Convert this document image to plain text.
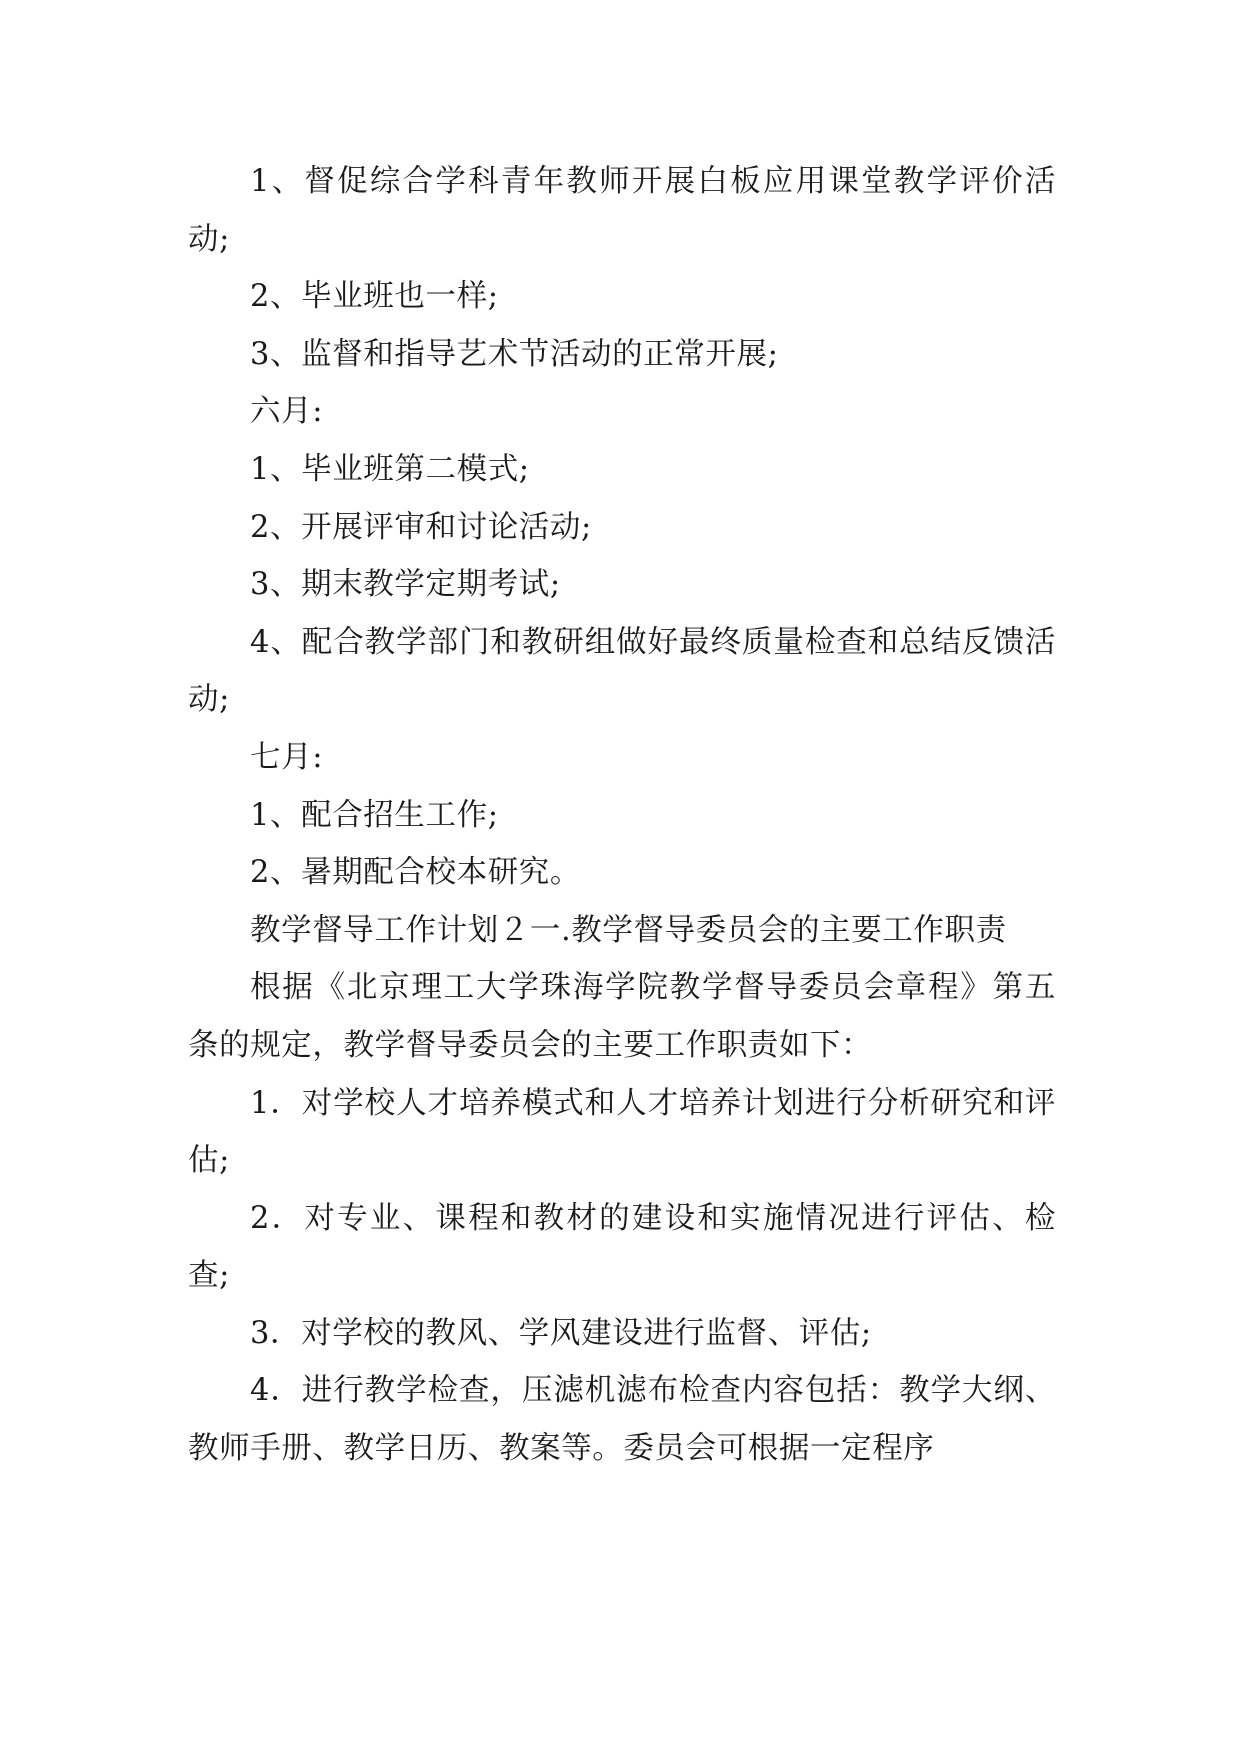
1、督促综合学科青年教师开展白板应用课堂教学评价活动;

2、毕业班也一样;

3、监督和指导艺术节活动的正常开展;

六月:

1、毕业班第二模式;

2、开展评审和讨论活动;

3、期末教学定期考试;

4、配合教学部门和教研组做好最终质量检查和总结反馈活动;

七月:

1、配合招生工作;

2、暑期配合校本研究。

教学督导工作计划２一.教学督导委员会的主要工作职责

根据《北京理工大学珠海学院教学督导委员会章程》第五条的规定，教学督导委员会的主要工作职责如下：

1．对学校人才培养模式和人才培养计划进行分析研究和评估;

2．对专业、课程和教材的建设和实施情况进行评估、检查;

3．对学校的教风、学风建设进行监督、评估;

4．进行教学检查，压滤机滤布检查内容包括：教学大纲、教师手册、教学日历、教案等。委员会可根据一定程序
